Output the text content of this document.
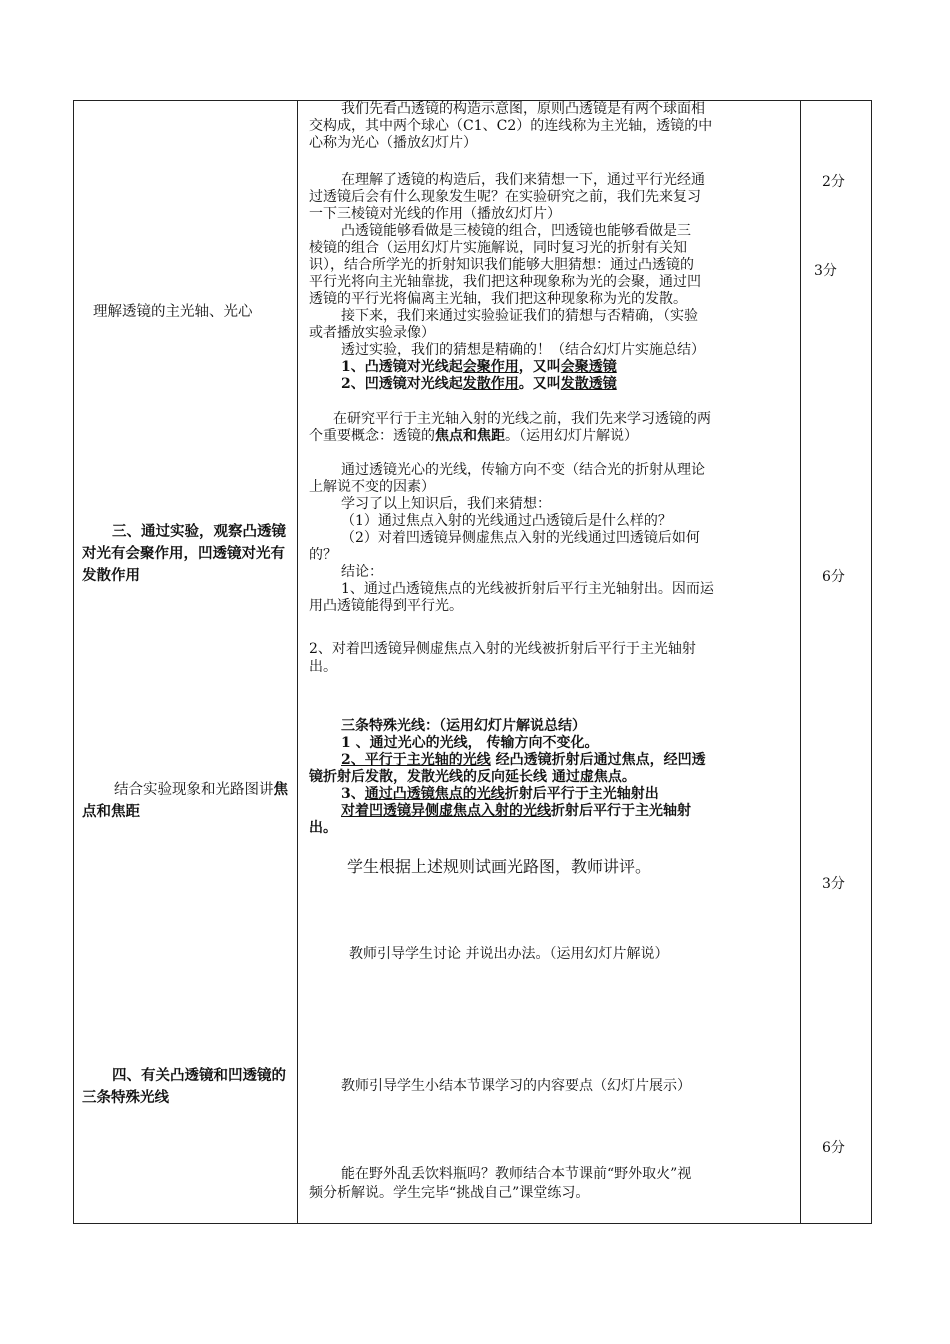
理解透镜的主光轴、光心
三、通过实验，观察凸透镜对光有会聚作用，凹透镜对光有发散作用
结合实验现象和光路图讲焦点和焦距
四、有关凸透镜和凹透镜的三条特殊光线
我们先看凸透镜的构造示意图，原则凸透镜是有两个球面相
交构成，其中两个球心（C1、C2）的连线称为主光轴，透镜的中
心称为光心（播放幻灯片）
在理解了透镜的构造后，我们来猜想一下，通过平行光经通
过透镜后会有什么现象发生呢？在实验研究之前，我们先来复习
一下三棱镜对光线的作用（播放幻灯片）
凸透镜能够看做是三棱镜的组合，凹透镜也能够看做是三
棱镜的组合（运用幻灯片实施解说，同时复习光的折射有关知
识），结合所学光的折射知识我们能够大胆猜想：通过凸透镜的
平行光将向主光轴靠拢，我们把这种现象称为光的会聚，通过凹
透镜的平行光将偏离主光轴，我们把这种现象称为光的发散。
接下来，我们来通过实验验证我们的猜想与否精确，（实验
或者播放实验录像）
透过实验，我们的猜想是精确的！（结合幻灯片实施总结）
1、凸透镜对光线起会聚作用，又叫会聚透镜
2、凹透镜对光线起发散作用。又叫发散透镜
在研究平行于主光轴入射的光线之前，我们先来学习透镜的两
个重要概念：透镜的焦点和焦距。（运用幻灯片解说）
通过透镜光心的光线，传输方向不变（结合光的折射从理论
上解说不变的因素）
学习了以上知识后，我们来猜想：
（1）通过焦点入射的光线通过凸透镜后是什么样的？
（2）对着凹透镜异侧虚焦点入射的光线通过凹透镜后如何
的？
结论：
1、通过凸透镜焦点的光线被折射后平行主光轴射出。因而运
用凸透镜能得到平行光。
2、对着凹透镜异侧虚焦点入射的光线被折射后平行于主光轴射
出。
三条特殊光线：（运用幻灯片解说总结）
1 、通过光心的光线， 传输方向不变化。
2、平行于主光轴的光线 经凸透镜折射后通过焦点，经凹透
镜折射后发散，发散光线的反向延长线 通过虚焦点。
3、通过凸透镜焦点的光线折射后平行于主光轴射出
对着凹透镜异侧虚焦点入射的光线折射后平行于主光轴射
出。
学生根据上述规则试画光路图，教师讲评。
教师引导学生讨论 并说出办法。（运用幻灯片解说）
教师引导学生小结本节课学习的内容要点（幻灯片展示）
能在野外乱丢饮料瓶吗？教师结合本节课前“野外取火”视
频分析解说。学生完毕“挑战自己”课堂练习。
2分
3分
6分
3分
6分
